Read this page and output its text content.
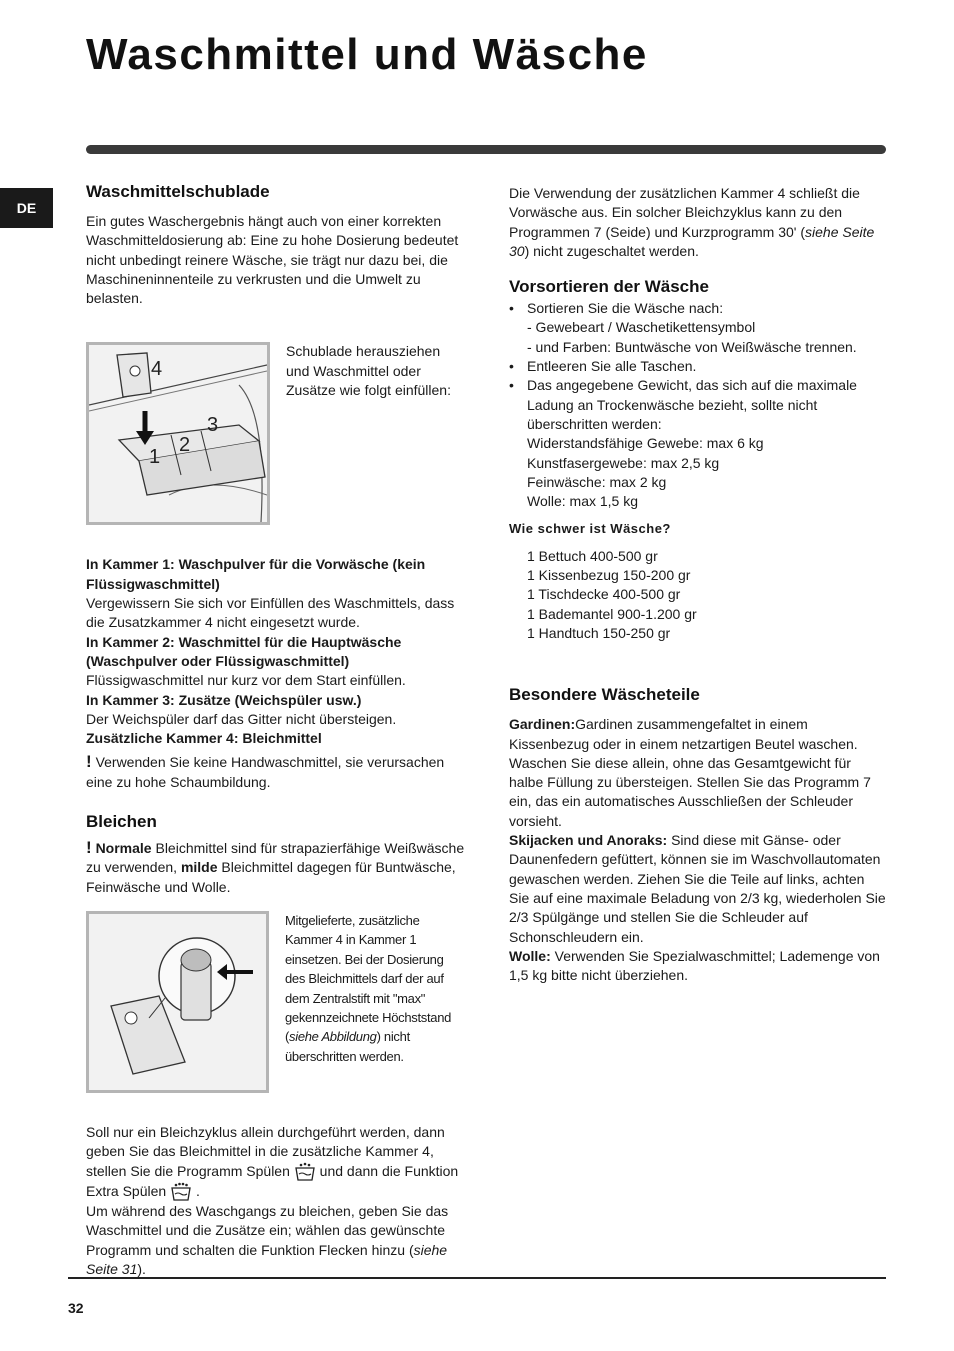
Waschmittel und Wäsche
DE
Waschmittelschublade

Ein gutes Waschergebnis hängt auch von einer korrekten Waschmitteldosierung ab: Eine zu hohe Dosierung bedeutet nicht unbedingt reinere Wäsche, sie trägt nur dazu bei, die Maschineninnenteile zu verkrusten und die Umwelt zu belasten.

4
1
2
3

Schublade herausziehen und Waschmittel oder Zusätze wie folgt einfüllen:

In Kammer 1: Waschpulver für die Vorwäsche (kein Flüssigwaschmittel)

Vergewissern Sie sich vor Einfüllen des Waschmittels, dass die Zusatzkammer 4 nicht eingesetzt wurde.

In Kammer 2: Waschmittel für die Hauptwäsche (Waschpulver oder Flüssigwaschmittel)

Flüssigwaschmittel nur kurz vor dem Start einfüllen.

In Kammer 3: Zusätze (Weichspüler usw.)

Der Weichspüler darf das Gitter nicht übersteigen.

Zusätzliche Kammer 4: Bleichmittel

! Verwenden Sie keine Handwaschmittel, sie verursachen eine zu hohe Schaumbildung.

Bleichen

! Normale Bleichmittel sind für strapazierfähige Weißwäsche zu verwenden, milde Bleichmittel dagegen für Buntwäsche, Feinwäsche und Wolle.

Mitgelieferte, zusätzliche Kammer 4 in Kammer 1 einsetzen. Bei der Dosierung des Bleichmittels darf der auf dem Zentralstift mit "max" gekennzeichnete Höchststand (siehe Abbildung) nicht überschritten werden.

Soll nur ein Bleichzyklus allein durchgeführt werden, dann geben Sie das Bleichmittel in die zusätzliche Kammer 4, stellen Sie die Programm Spülen und dann die Funktion Extra Spülen .

Um während des Waschgangs zu bleichen, geben Sie das Waschmittel und die Zusätze ein; wählen das gewünschte Programm und schalten die Funktion Flecken hinzu (siehe Seite 31).

Die Verwendung der zusätzlichen Kammer 4 schließt die Vorwäsche aus. Ein solcher Bleichzyklus kann zu den Programmen 7 (Seide) und Kurzprogramm 30' (siehe Seite 30) nicht zugeschaltet werden.

Vorsortieren der Wäsche
• Sortieren Sie die Wäsche nach:
- Gewebeart / Waschetikettensymbol
- und Farben: Buntwäsche von Weißwäsche trennen.
• Entleeren Sie alle Taschen.
• Das angegebene Gewicht, das sich auf die maximale Ladung an Trockenwäsche bezieht, sollte nicht überschritten werden:
Widerstandsfähige Gewebe: max 6 kg
Kunstfasergewebe: max 2,5 kg
Feinwäsche: max 2 kg
Wolle: max 1,5 kg

Wie schwer ist Wäsche?

1 Bettuch 400-500 gr
1 Kissenbezug 150-200 gr
1 Tischdecke 400-500 gr
1 Bademantel 900-1.200 gr
1 Handtuch 150-250 gr
Besondere Wäscheteile

Gardinen:Gardinen zusammengefaltet in einem Kissenbezug oder in einem netzartigen Beutel waschen. Waschen Sie diese allein, ohne das Gesamtgewicht für halbe Füllung zu übersteigen. Stellen Sie das Programm 7 ein, das ein automatisches Ausschließen der Schleuder vorsieht.

Skijacken und Anoraks: Sind diese mit Gänse- oder Daunenfedern gefüttert, können sie im Waschvollautomaten gewaschen werden. Ziehen Sie die Teile auf links, achten Sie auf eine maximale Beladung von 2/3 kg, wiederholen Sie 2/3 Spülgänge und stellen Sie die Schleuder auf Schonschleudern ein.

Wolle: Verwenden Sie Spezialwaschmittel; Lademenge von 1,5 kg bitte nicht überziehen.

32
